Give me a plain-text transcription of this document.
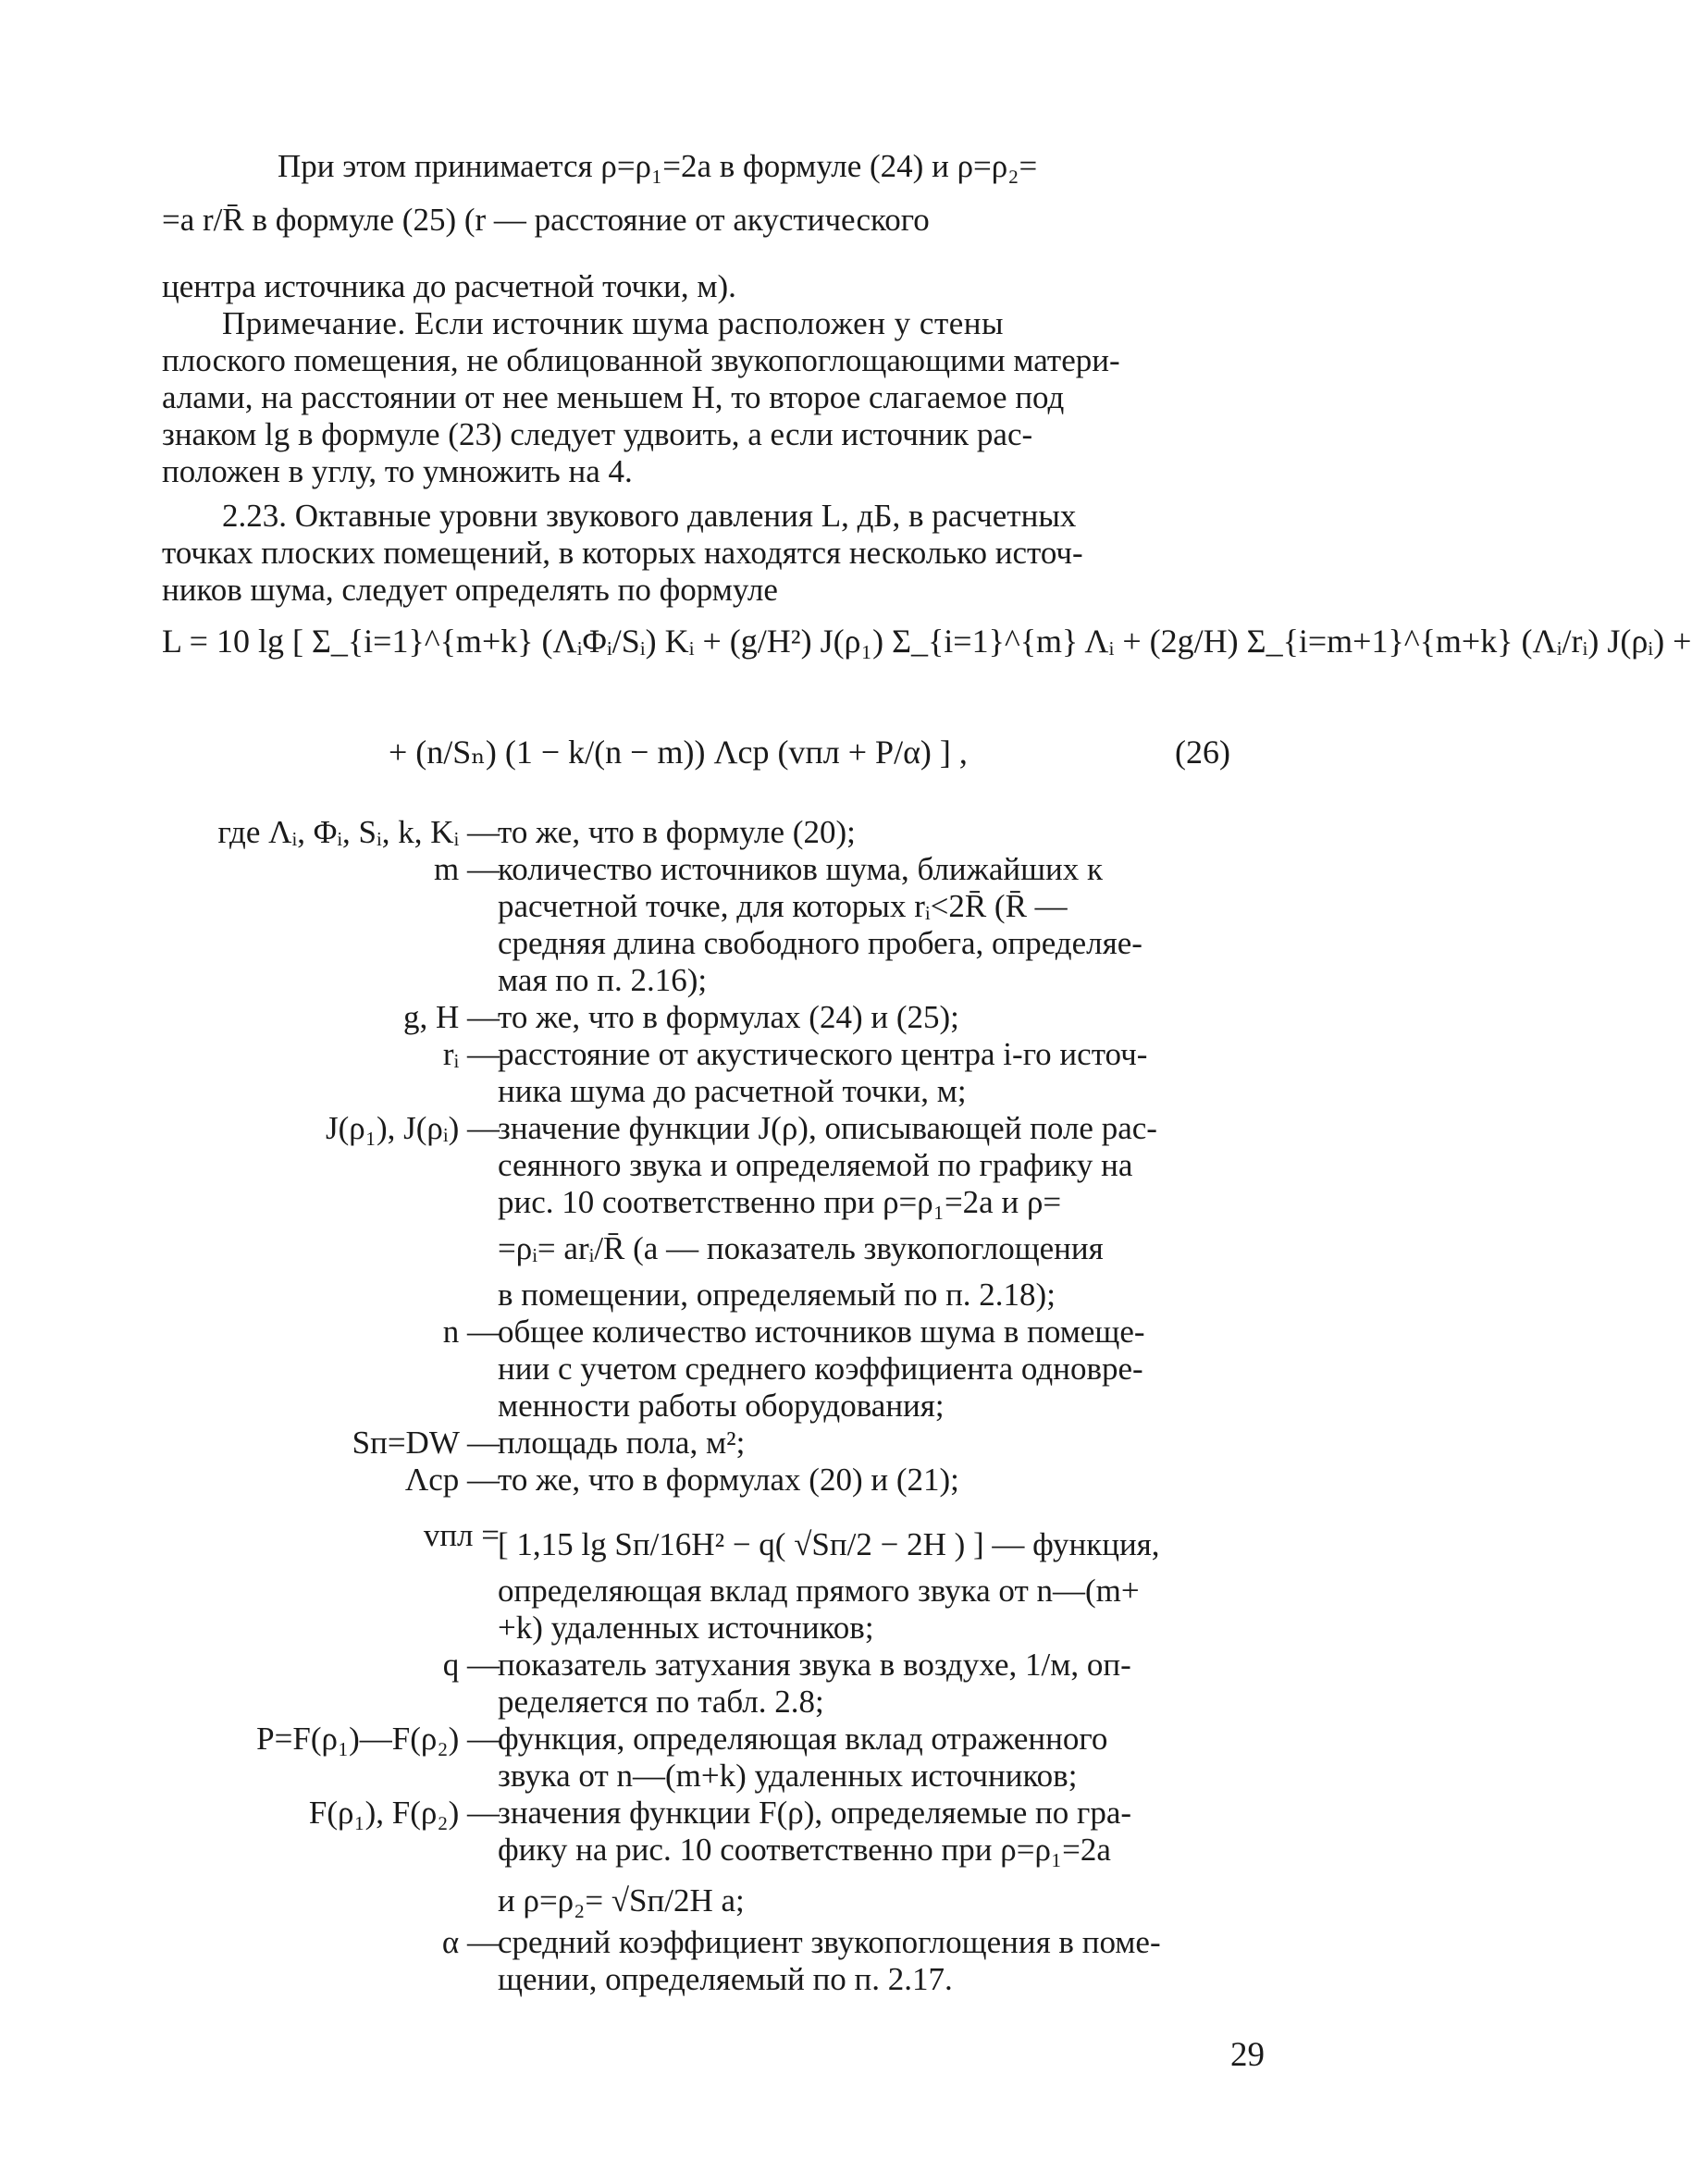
При этом принимается ρ=ρ₁=2a в формуле (24) и ρ=ρ₂=
=a r/R̄ в формуле (25) (r — расстояние от акустического
центра источника до расчетной точки, м).
Примечание. Если источник шума расположен у стены
плоского помещения, не облицованной звукопоглощающими матери-
алами, на расстоянии от нее меньшем H, то второе слагаемое под
знаком lg в формуле (23) следует удвоить, а если источник рас-
положен в углу, то умножить на 4.
2.23. Октавные уровни звукового давления L, дБ, в расчетных
точках плоских помещений, в которых находятся несколько источ-
ников шума, следует определять по формуле
L = 10 lg [ Σ_{i=1}^{m+k} (ΛᵢΦᵢ/Sᵢ) Kᵢ + (g/H²) J(ρ₁) Σ_{i=1}^{m} Λᵢ + (2g/H) Σ_{i=m+1}^{m+k} (Λᵢ/rᵢ) J(ρᵢ) +
+ (n/Sₙ) (1 − k/(n − m)) Λср (vпл + P/α) ] ,	(26)
где Λᵢ, Φᵢ, Sᵢ, k, Kᵢ —
то же, что в формуле (20);
m —
количество источников шума, ближайших к
расчетной точке, для которых rᵢ<2R̄ (R̄ —
средняя длина свободного пробега, определяе-
мая по п. 2.16);
g, H —
то же, что в формулах (24) и (25);
rᵢ —
расстояние от акустического центра i-го источ-
ника шума до расчетной точки, м;
J(ρ₁), J(ρᵢ) —
значение функции J(ρ), описывающей поле рас-
сеянного звука и определяемой по графику на
рис. 10 соответственно при ρ=ρ₁=2a и ρ=
=ρᵢ= arᵢ/R̄ (a — показатель звукопоглощения
в помещении, определяемый по п. 2.18);
n —
общее количество источников шума в помеще-
нии с учетом среднего коэффициента одновре-
менности работы оборудования;
Sп=DW —
площадь пола, м²;
Λср —
то же, что в формулах (20) и (21);
vпл =
[ 1,15 lg Sп/16H² − q( √Sп/2 − 2H ) ] — функция,
определяющая вклад прямого звука от n—(m+
+k) удаленных источников;
q —
показатель затухания звука в воздухе, 1/м, оп-
ределяется по табл. 2.8;
P=F(ρ₁)—F(ρ₂) —
функция, определяющая вклад отраженного
звука от n—(m+k) удаленных источников;
F(ρ₁), F(ρ₂) —
значения функции F(ρ), определяемые по гра-
фику на рис. 10 соответственно при ρ=ρ₁=2a
и ρ=ρ₂= √Sп/2H a;
α —
средний коэффициент звукопоглощения в поме-
щении, определяемый по п. 2.17.
29
